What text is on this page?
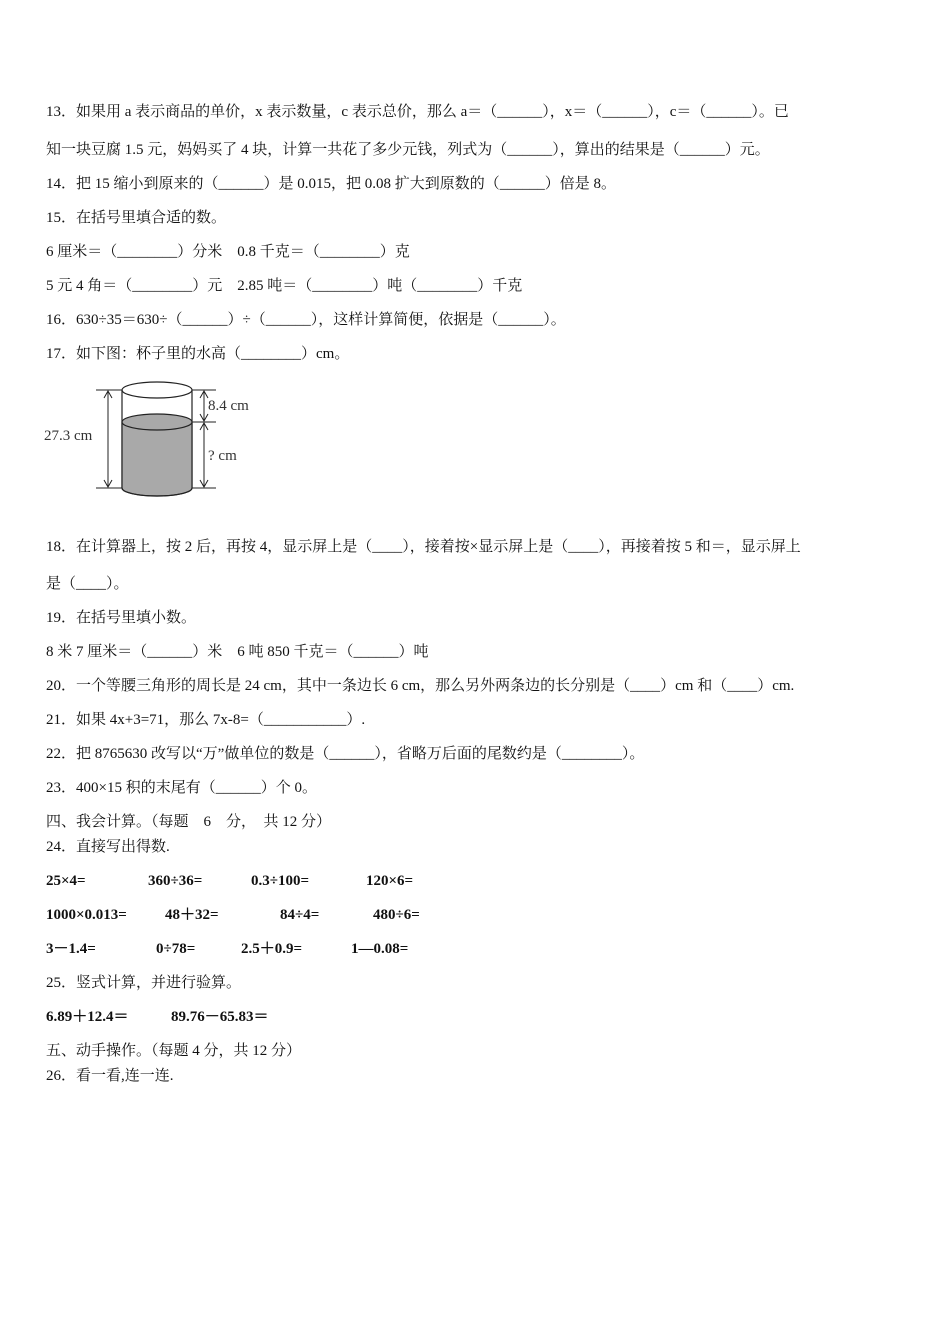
13．如果用 a 表示商品的单价，x 表示数量，c 表示总价，那么 a＝（______），x＝（______），c＝（______）。已
知一块豆腐 1.5 元，妈妈买了 4 块，计算一共花了多少元钱，列式为（______），算出的结果是（______）元。
14．把 15 缩小到原来的（______）是 0.015，把 0.08 扩大到原数的（______）倍是 8。
15．在括号里填合适的数。
6 厘米＝（________）分米　0.8 千克＝（________）克
5 元 4 角＝（________）元　2.85 吨＝（________）吨（________）千克
16．630÷35＝630÷（______）÷（______），这样计算简便，依据是（______）。
17．如下图：杯子里的水高（________）cm。
27.3 cm
8.4 cm
? cm
18．在计算器上，按 2 后，再按 4，显示屏上是（____），接着按×显示屏上是（____），再接着按 5 和＝，显示屏上
是（____）。
19．在括号里填小数。
8 米 7 厘米＝（______）米　6 吨 850 千克＝（______）吨
20．一个等腰三角形的周长是 24 cm，其中一条边长 6 cm，那么另外两条边的长分别是（____）cm 和（____）cm.
21．如果 4x+3=71，那么 7x-8=（___________）.
22．把 8765630 改写以“万”做单位的数是（______），省略万后面的尾数约是（________）。
23．400×15 积的末尾有（______）个 0。
四、我会计算。（每题　6　分，　共 12 分）
24．直接写出得数.
25×4=	360÷36=	0.3÷100=	120×6=
1000×0.013=	48＋32=	84÷4=	480÷6=
3－1.4=	0÷78=	2.5＋0.9=	1—0.08=
25．竖式计算，并进行验算。
6.89＋12.4＝	89.76－65.83＝
五、动手操作。（每题 4 分，共 12 分）
26．看一看,连一连.
